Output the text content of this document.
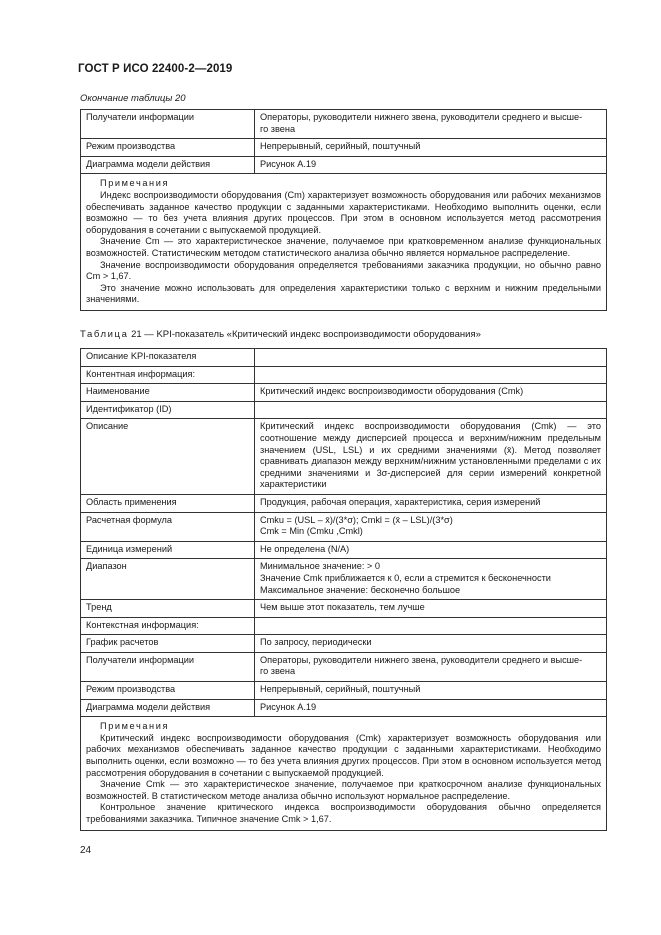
ГОСТ Р ИСО 22400-2—2019
Окончание таблицы 20
Получатели информации	Операторы, руководители нижнего звена, руководители среднего и высше-
го звена
Режим производства	Непрерывный, серийный, поштучный
Диаграмма модели действия	Рисунок А.19

Примечания

Индекс воспроизводимости оборудования (Cm) характеризует возможность оборудования или рабочих механизмов обеспечивать заданное качество продукции с заданными характеристиками. Необходимо выполнить оценки, если возможно — то без учета влияния других процессов. При этом в основном используется метод рассмотрения оборудования в сочетании с выпускаемой продукцией.

Значение Cm — это характеристическое значение, получаемое при кратковременном анализе функциональных возможностей. Статистическим методом статистического анализа обычно является нормальное распределение.

Значение воспроизводимости оборудования определяется требованиями заказчика продукции, но обычно равно Cm > 1,67.

Это значение можно использовать для определения характеристики только с верхним и нижним предельными значениями.	

Таблица 21 — KPI-показатель «Критический индекс воспроизводимости оборудования»
Описание KPI-показателя	
Контентная информация:	
Наименование	Критический индекс воспроизводимости оборудования (Cmk)
Идентификатор (ID)	
Описание	Критический индекс воспроизводимости оборудования (Cmk) — это соотношение между дисперсией процесса и верхним/нижним предельным значением (USL, LSL) и их средними значениями (x̄). Метод позволяет сравнивать диапазон между верхним/нижним установленными пределами с их средними значениями и 3σ-дисперсией для серии измерений конкретной характеристики
Область применения	Продукция, рабочая операция, характеристика, серия измерений
Расчетная формула	Cmku = (USL – x̄)/(3*σ); Cmkl = (x̄ – LSL)/(3*σ)
Cmk = Min (Cmku ,Cmkl)
Единица измерений	Не определена (N/A)
Диапазон	Минимальное значение: > 0
Значение Cmk приближается к 0, если а стремится к бесконечности
Максимальное значение: бесконечно большое
Тренд	Чем выше этот показатель, тем лучше
Контекстная информация:	
График расчетов	По запросу, периодически
Получатели информации	Операторы, руководители нижнего звена, руководители среднего и высше-
го звена
Режим производства	Непрерывный, серийный, поштучный
Диаграмма модели действия	Рисунок А.19

Примечания

Критический индекс воспроизводимости оборудования (Cmk) характеризует возможность оборудования или рабочих механизмов обеспечивать заданное качество продукции с заданными характеристиками. Необходимо выполнить оценки, если возможно — то без учета влияния других процессов. При этом в основном используется метод рассмотрения оборудования в сочетании с выпускаемой продукцией.

Значение Cmk — это характеристическое значение, получаемое при краткосрочном анализе функциональных возможностей. В статистическом методе анализа обычно используют нормальное распределение.

Контрольное значение критического индекса воспроизводимости оборудования обычно определяется требованиями заказчика. Типичное значение Cmk > 1,67.	

24
